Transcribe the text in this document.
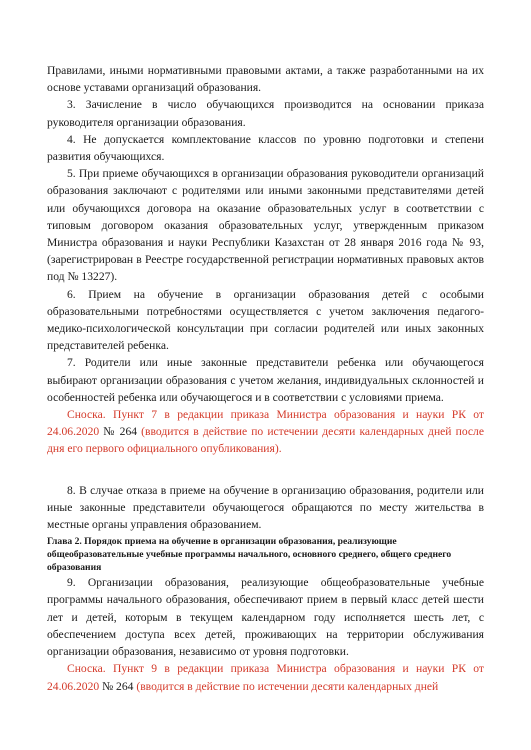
Правилами, иными нормативными правовыми актами, а также разработанными на их основе уставами организаций образования.

3. Зачисление в число обучающихся производится на основании приказа руководителя организации образования.

4. Не допускается комплектование классов по уровню подготовки и степени развития обучающихся.

5. При приеме обучающихся в организации образования руководители организаций образования заключают с родителями или иными законными представителями детей или обучающихся договора на оказание образовательных услуг в соответствии с типовым договором оказания образовательных услуг, утвержденным приказом Министра образования и науки Республики Казахстан от 28 января 2016 года № 93, (зарегистрирован в Реестре государственной регистрации нормативных правовых актов под № 13227).

6. Прием на обучение в организации образования детей с особыми образовательными потребностями осуществляется с учетом заключения педагого-медико-психологической консультации при согласии родителей или иных законных представителей ребенка.

7. Родители или иные законные представители ребенка или обучающегося выбирают организации образования с учетом желания, индивидуальных склонностей и особенностей ребенка или обучающегося и в соответствии с условиями приема.

Сноска. Пункт 7 в редакции приказа Министра образования и науки РК от 24.06.2020 № 264 (вводится в действие по истечении десяти календарных дней после дня его первого официального опубликования).

8. В случае отказа в приеме на обучение в организацию образования, родители или иные законные представители обучающегося обращаются по месту жительства в местные органы управления образованием.

Глава 2. Порядок приема на обучение в организации образования, реализующие общеобразовательные учебные программы начального, основного среднего, общего среднего образования

9. Организации образования, реализующие общеобразовательные учебные программы начального образования, обеспечивают прием в первый класс детей шести лет и детей, которым в текущем календарном году исполняется шесть лет, с обеспечением доступа всех детей, проживающих на территории обслуживания организации образования, независимо от уровня подготовки.

Сноска. Пункт 9 в редакции приказа Министра образования и науки РК от 24.06.2020 № 264 (вводится в действие по истечении десяти календарных дней
